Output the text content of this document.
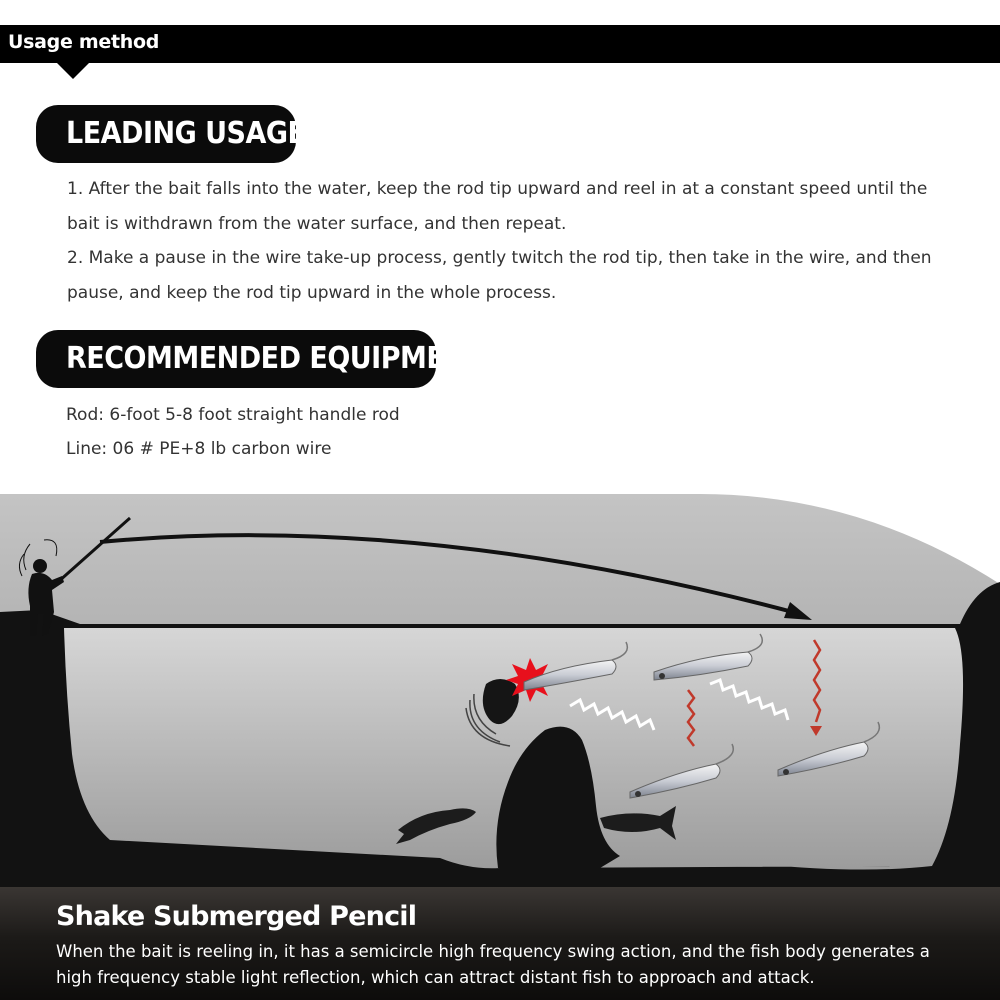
Usage method
LEADING USAGE
1. After the bait falls into the water, keep the rod tip upward and reel in at a constant speed until the bait is withdrawn from the water surface, and then repeat.
2. Make a pause in the wire take-up process, gently twitch the rod tip, then take in the wire, and then pause, and keep the rod tip upward in the whole process.
RECOMMENDED EQUIPMENT
Rod: 6-foot 5-8 foot straight handle rod
Line: 06 # PE+8 lb carbon wire
Shake Submerged Pencil

When the bait is reeling in, it has a semicircle high frequency swing action, and the fish body generates a high frequency stable light reflection, which can attract distant fish to approach and attack.
